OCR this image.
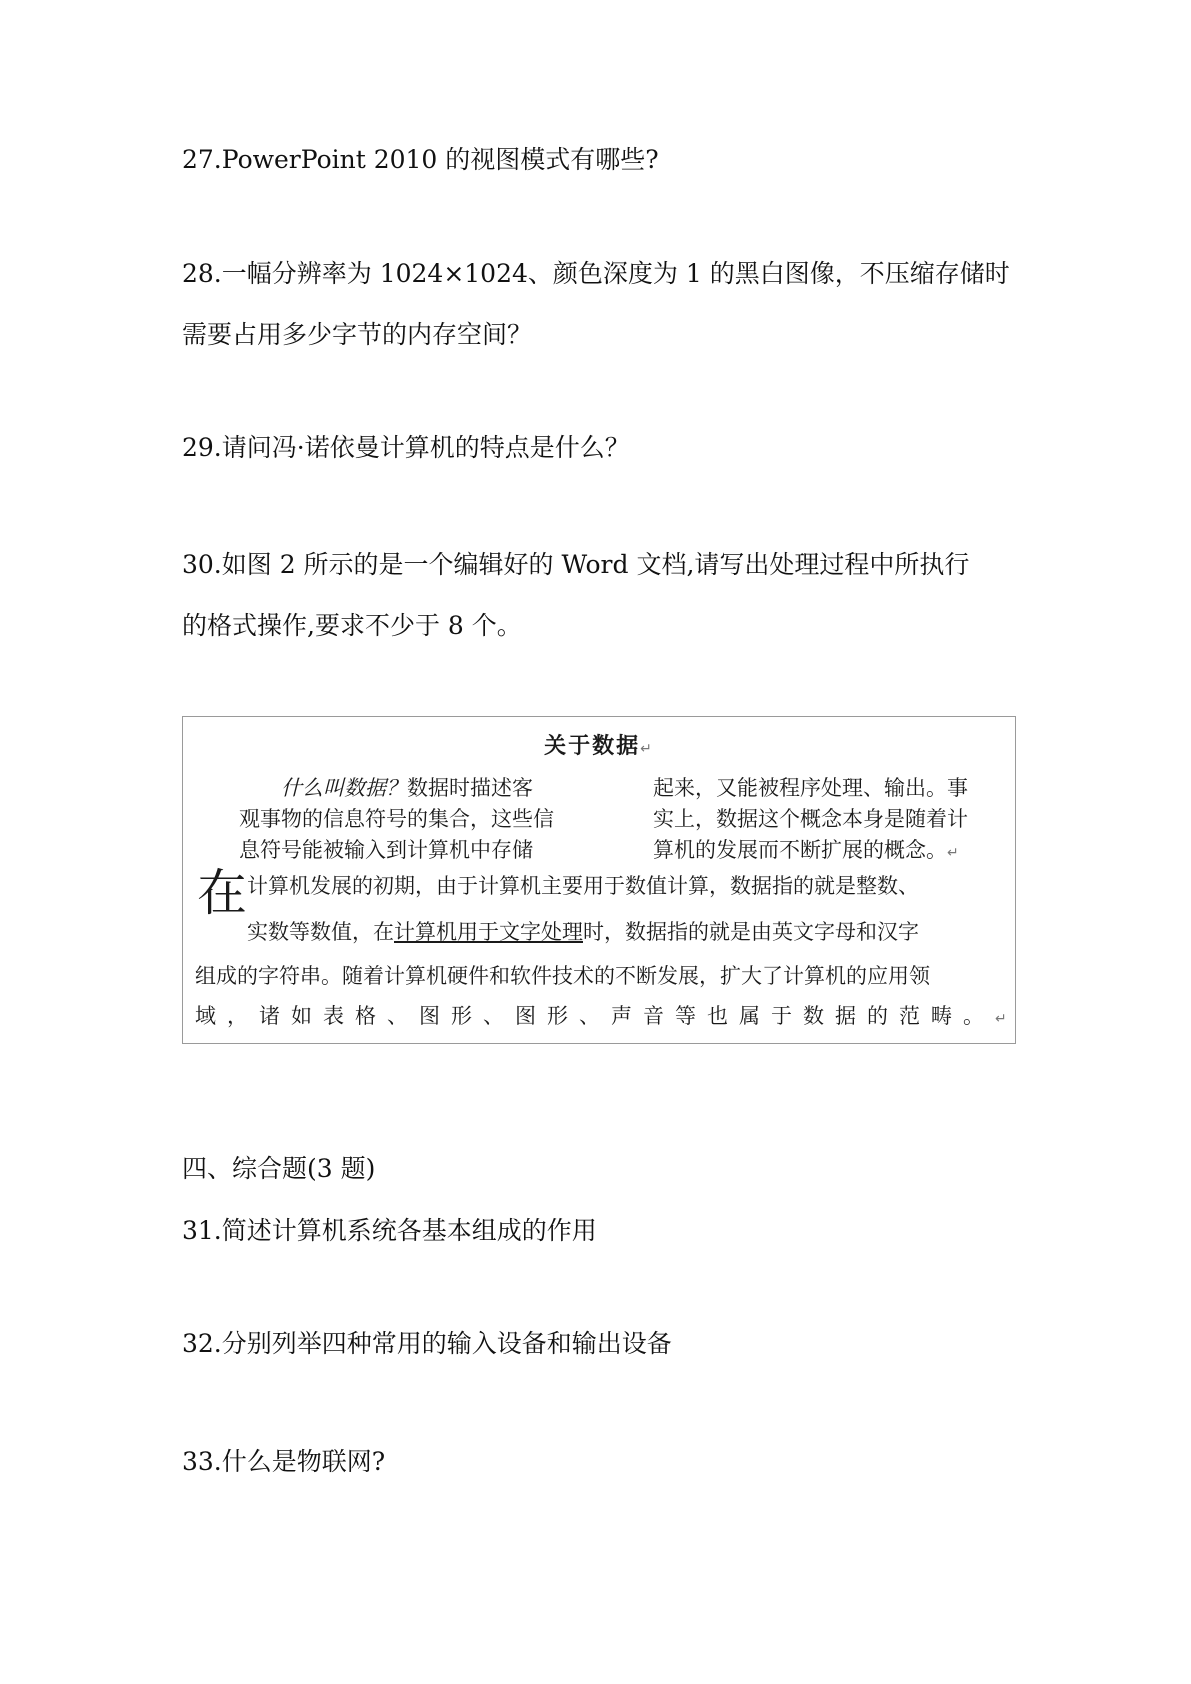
27.PowerPoint 2010 的视图模式有哪些?
28.一幅分辨率为 1024×1024、颜色深度为 1 的黑白图像，不压缩存储时
需要占用多少字节的内存空间？
29.请问冯·诺依曼计算机的特点是什么？
30.如图 2 所示的是一个编辑好的 Word 文档,请写出处理过程中所执行
的格式操作,要求不少于 8 个。
关于数据↵
什么叫数据？数据时描述客
观事物的信息符号的集合，这些信
息符号能被输入到计算机中存储
起来，又能被程序处理、输出。事
实上，数据这个概念本身是随着计
算机的发展而不断扩展的概念。↵
在 计算机发展的初期，由于计算机主要用于数值计算，数据指的就是整数、
实数等数值，在计算机用于文字处理时，数据指的就是由英文字母和汉字
组成的字符串。随着计算机硬件和软件技术的不断发展，扩大了计算机的应用领
域，诸如表格、图形、图形、声音等也属于数据的范畴。↵
四、综合题(3 题)
31.简述计算机系统各基本组成的作用
32.分别列举四种常用的输入设备和输出设备
33.什么是物联网?
